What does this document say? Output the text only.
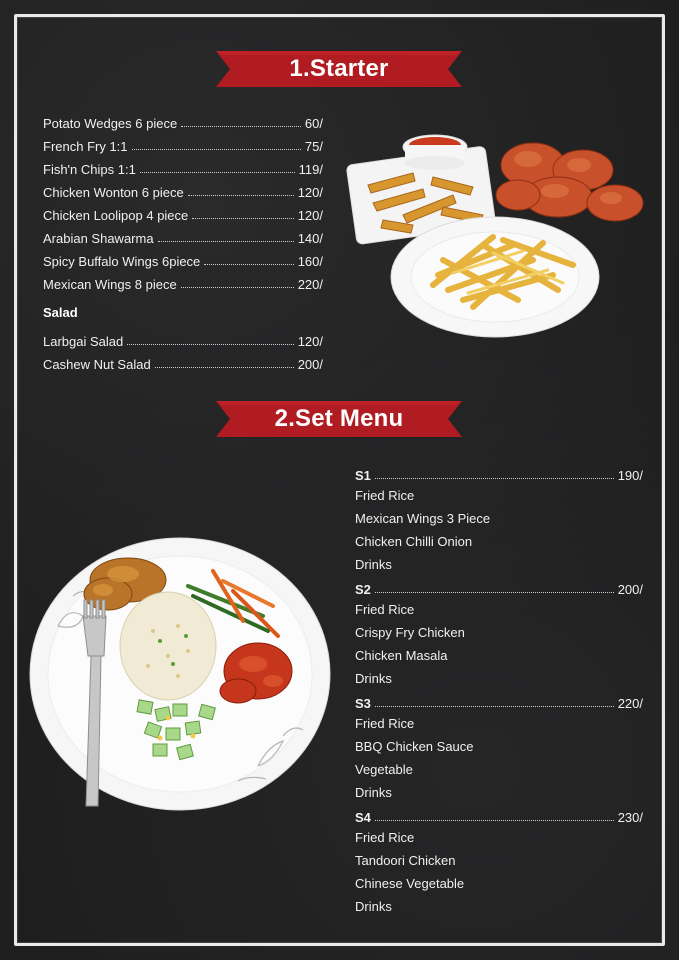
1.Starter
Potato Wedges 6 piece	60/
French Fry 1:1	75/
Fish'n Chips 1:1	119/
Chicken Wonton 6 piece	120/
Chicken Loolipop 4 piece	120/
Arabian Shawarma	140/
Spicy Buffalo Wings 6piece	160/
Mexican Wings 8 piece	220/
Salad
Larbgai Salad	120/
Cashew Nut Salad	200/
2.Set Menu
S1	190/
Fried Rice
Mexican Wings 3 Piece
Chicken Chilli Onion
Drinks
S2	200/
Fried Rice
Crispy Fry Chicken
Chicken Masala
Drinks
S3	220/
Fried Rice
BBQ Chicken Sauce
Vegetable
Drinks
S4	230/
Fried Rice
Tandoori Chicken
Chinese Vegetable
Drinks
